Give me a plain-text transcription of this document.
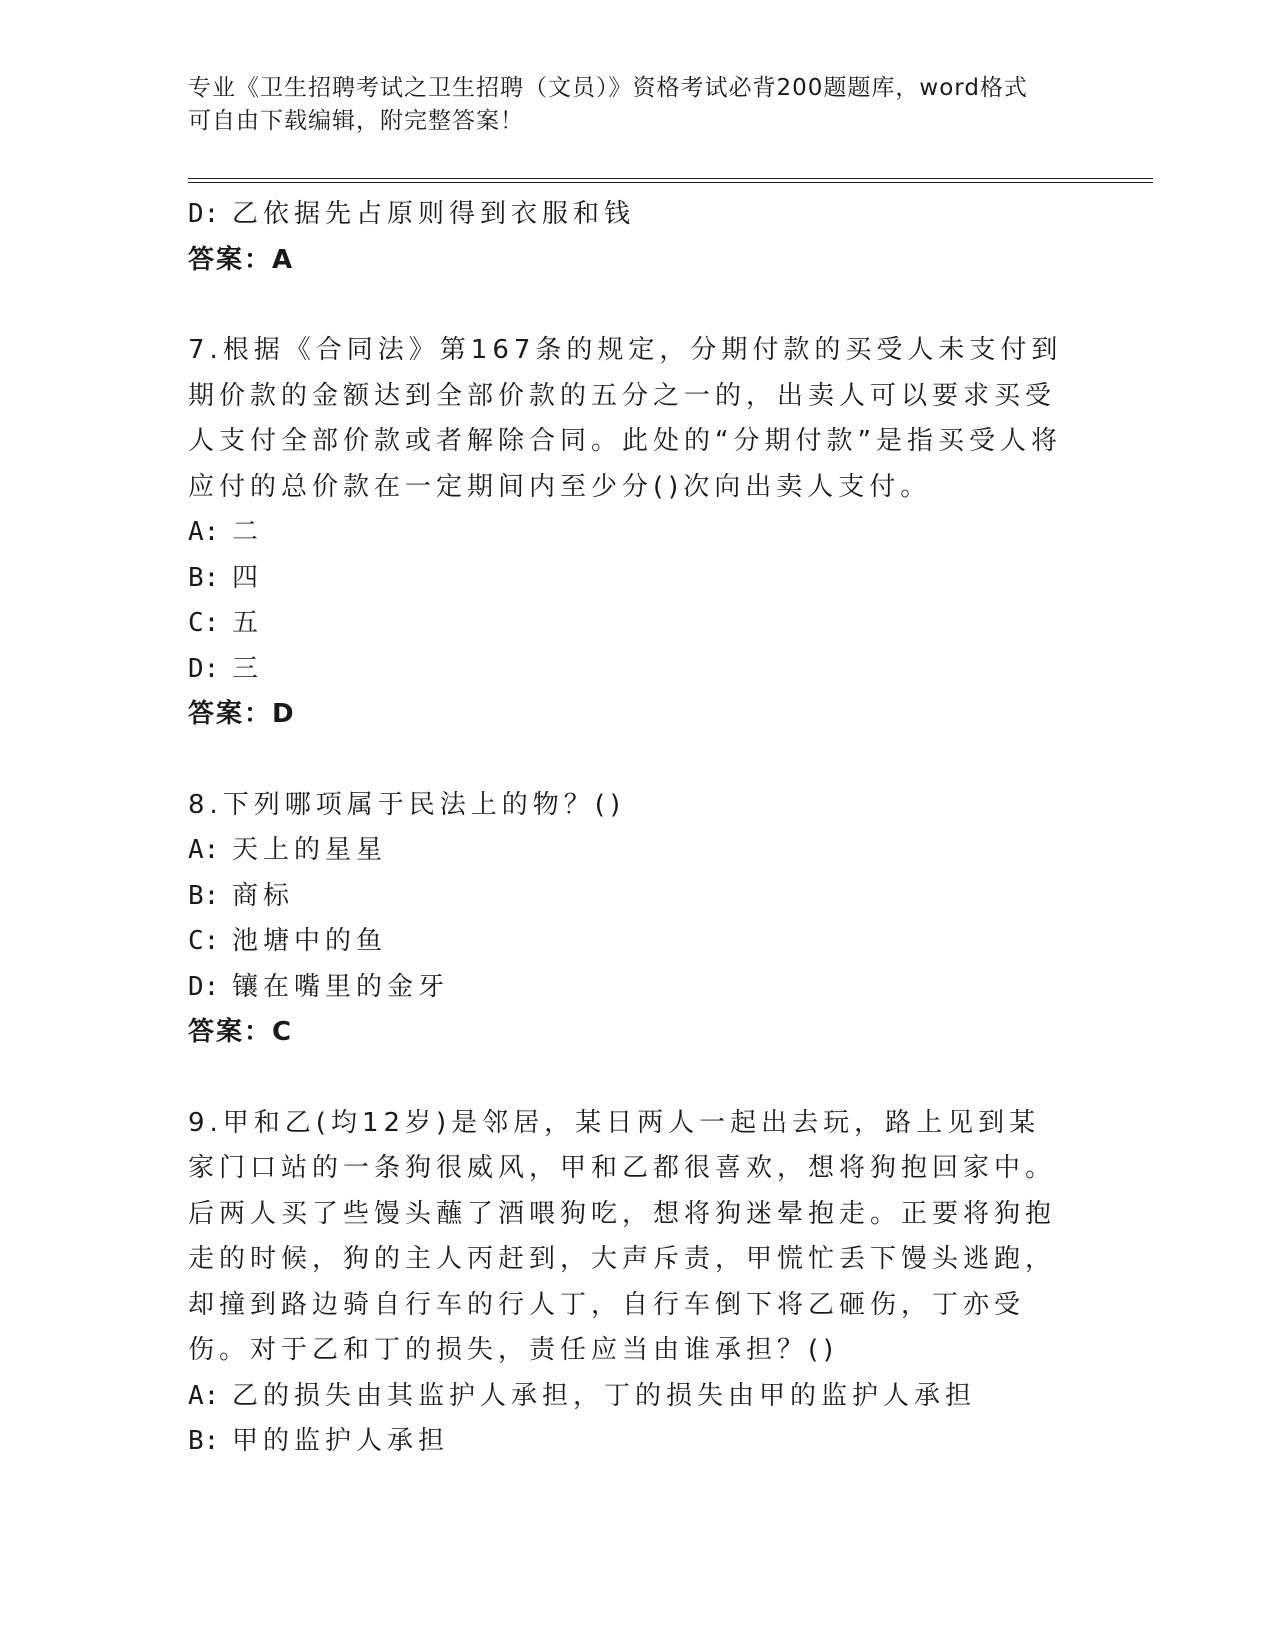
专业《卫生招聘考试之卫生招聘（文员）》资格考试必背200题题库，word格式
可自由下载编辑，附完整答案！
D: 乙依据先占原则得到衣服和钱
答案：A
7.根据《合同法》第167条的规定，分期付款的买受人未支付到期价款的金额达到全部价款的五分之一的，出卖人可以要求买受人支付全部价款或者解除合同。此处的“分期付款”是指买受人将应付的总价款在一定期间内至少分()次向出卖人支付。
A: 二
B: 四
C: 五
D: 三
答案：D
8.下列哪项属于民法上的物？()
A: 天上的星星
B: 商标
C: 池塘中的鱼
D: 镶在嘴里的金牙
答案：C
9.甲和乙(均12岁)是邻居，某日两人一起出去玩，路上见到某家门口站的一条狗很威风，甲和乙都很喜欢，想将狗抱回家中。后两人买了些馒头蘸了酒喂狗吃，想将狗迷晕抱走。正要将狗抱走的时候，狗的主人丙赶到，大声斥责，甲慌忙丢下馒头逃跑，却撞到路边骑自行车的行人丁，自行车倒下将乙砸伤，丁亦受伤。对于乙和丁的损失，责任应当由谁承担？()
A: 乙的损失由其监护人承担，丁的损失由甲的监护人承担
B: 甲的监护人承担
